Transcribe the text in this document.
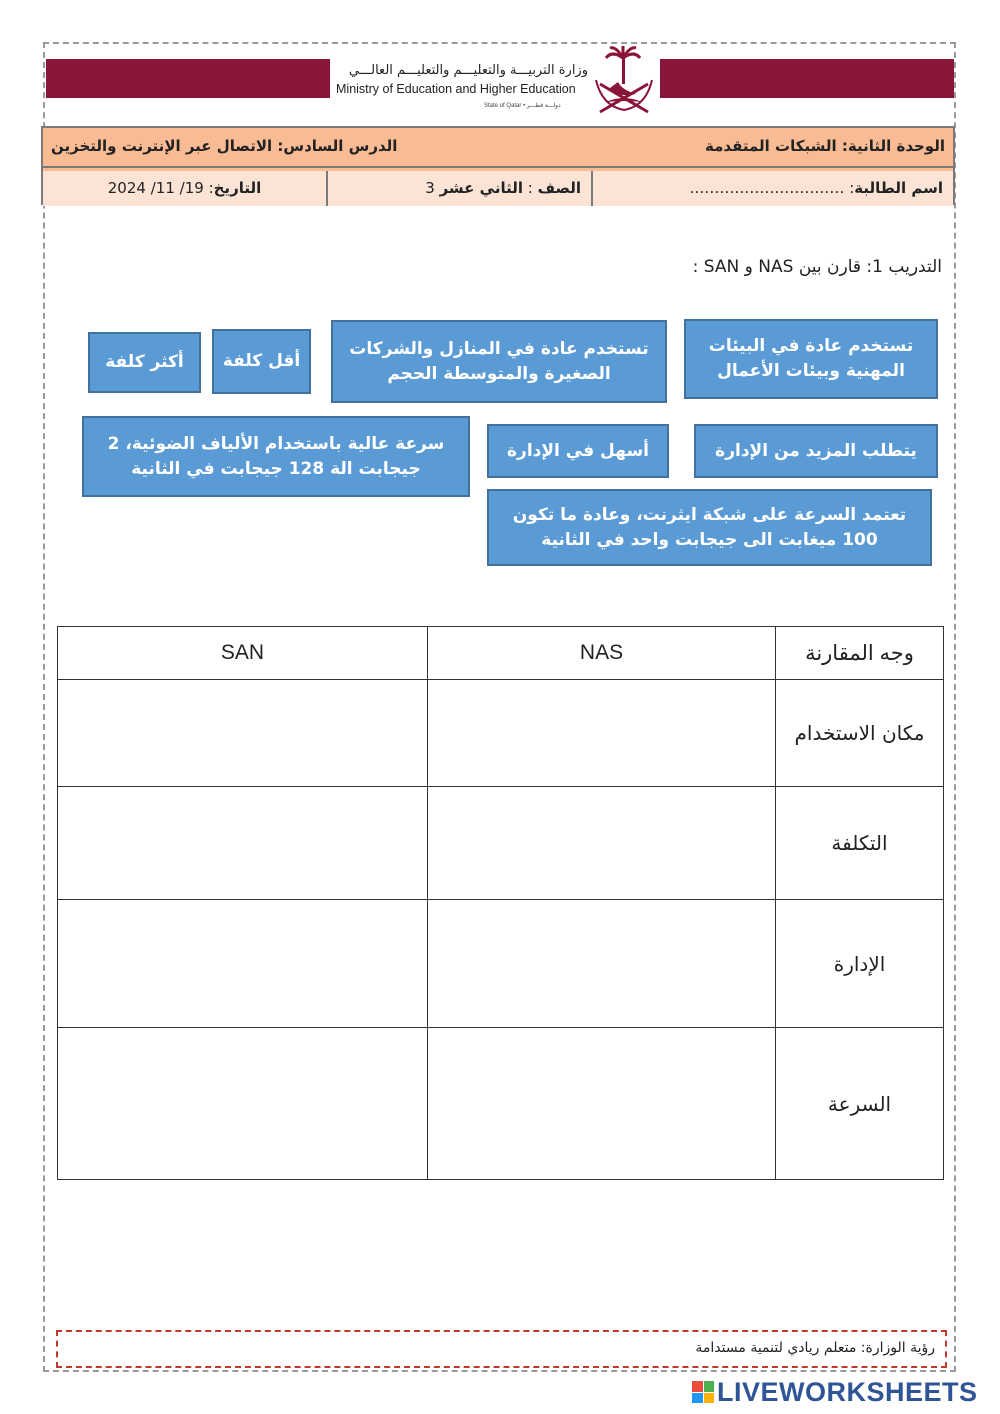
وزارة التربيـــة والتعليـــم والتعليـــم العالـــي
Ministry of Education and Higher Education
State of Qatar • دولـــة قطـــر
الوحدة الثانية: الشبكات المتقدمة
الدرس السادس: الاتصال عبر الإنترنت والتخزين
اسم الطالبة: ………………………….
الصف : الثاني عشر 3
التاريخ: 19/ 11/ 2024
التدريب 1: قارن بين NAS و SAN :
تستخدم عادة في البيئات المهنية وبيئات الأعمال
تستخدم عادة في المنازل والشركات الصغيرة والمتوسطة الحجم
أقل كلفة
أكثر كلفة
يتطلب المزيد من الإدارة
أسهل في الإدارة
سرعة عالية باستخدام الألياف الضوئية، 2 جيجابت الة 128 جيجابت في الثانية
تعتمد السرعة على شبكة ايثرنت، وعادة ما تكون 100 ميغابت الى جيجابت واحد في الثانية
SAN	NAS	وجه المقارنة
		مكان الاستخدام
		التكلفة
		الإدارة
		السرعة
رؤية الوزارة: متعلم ريادي لتنمية مستدامة
LIVEWORKSHEETS
